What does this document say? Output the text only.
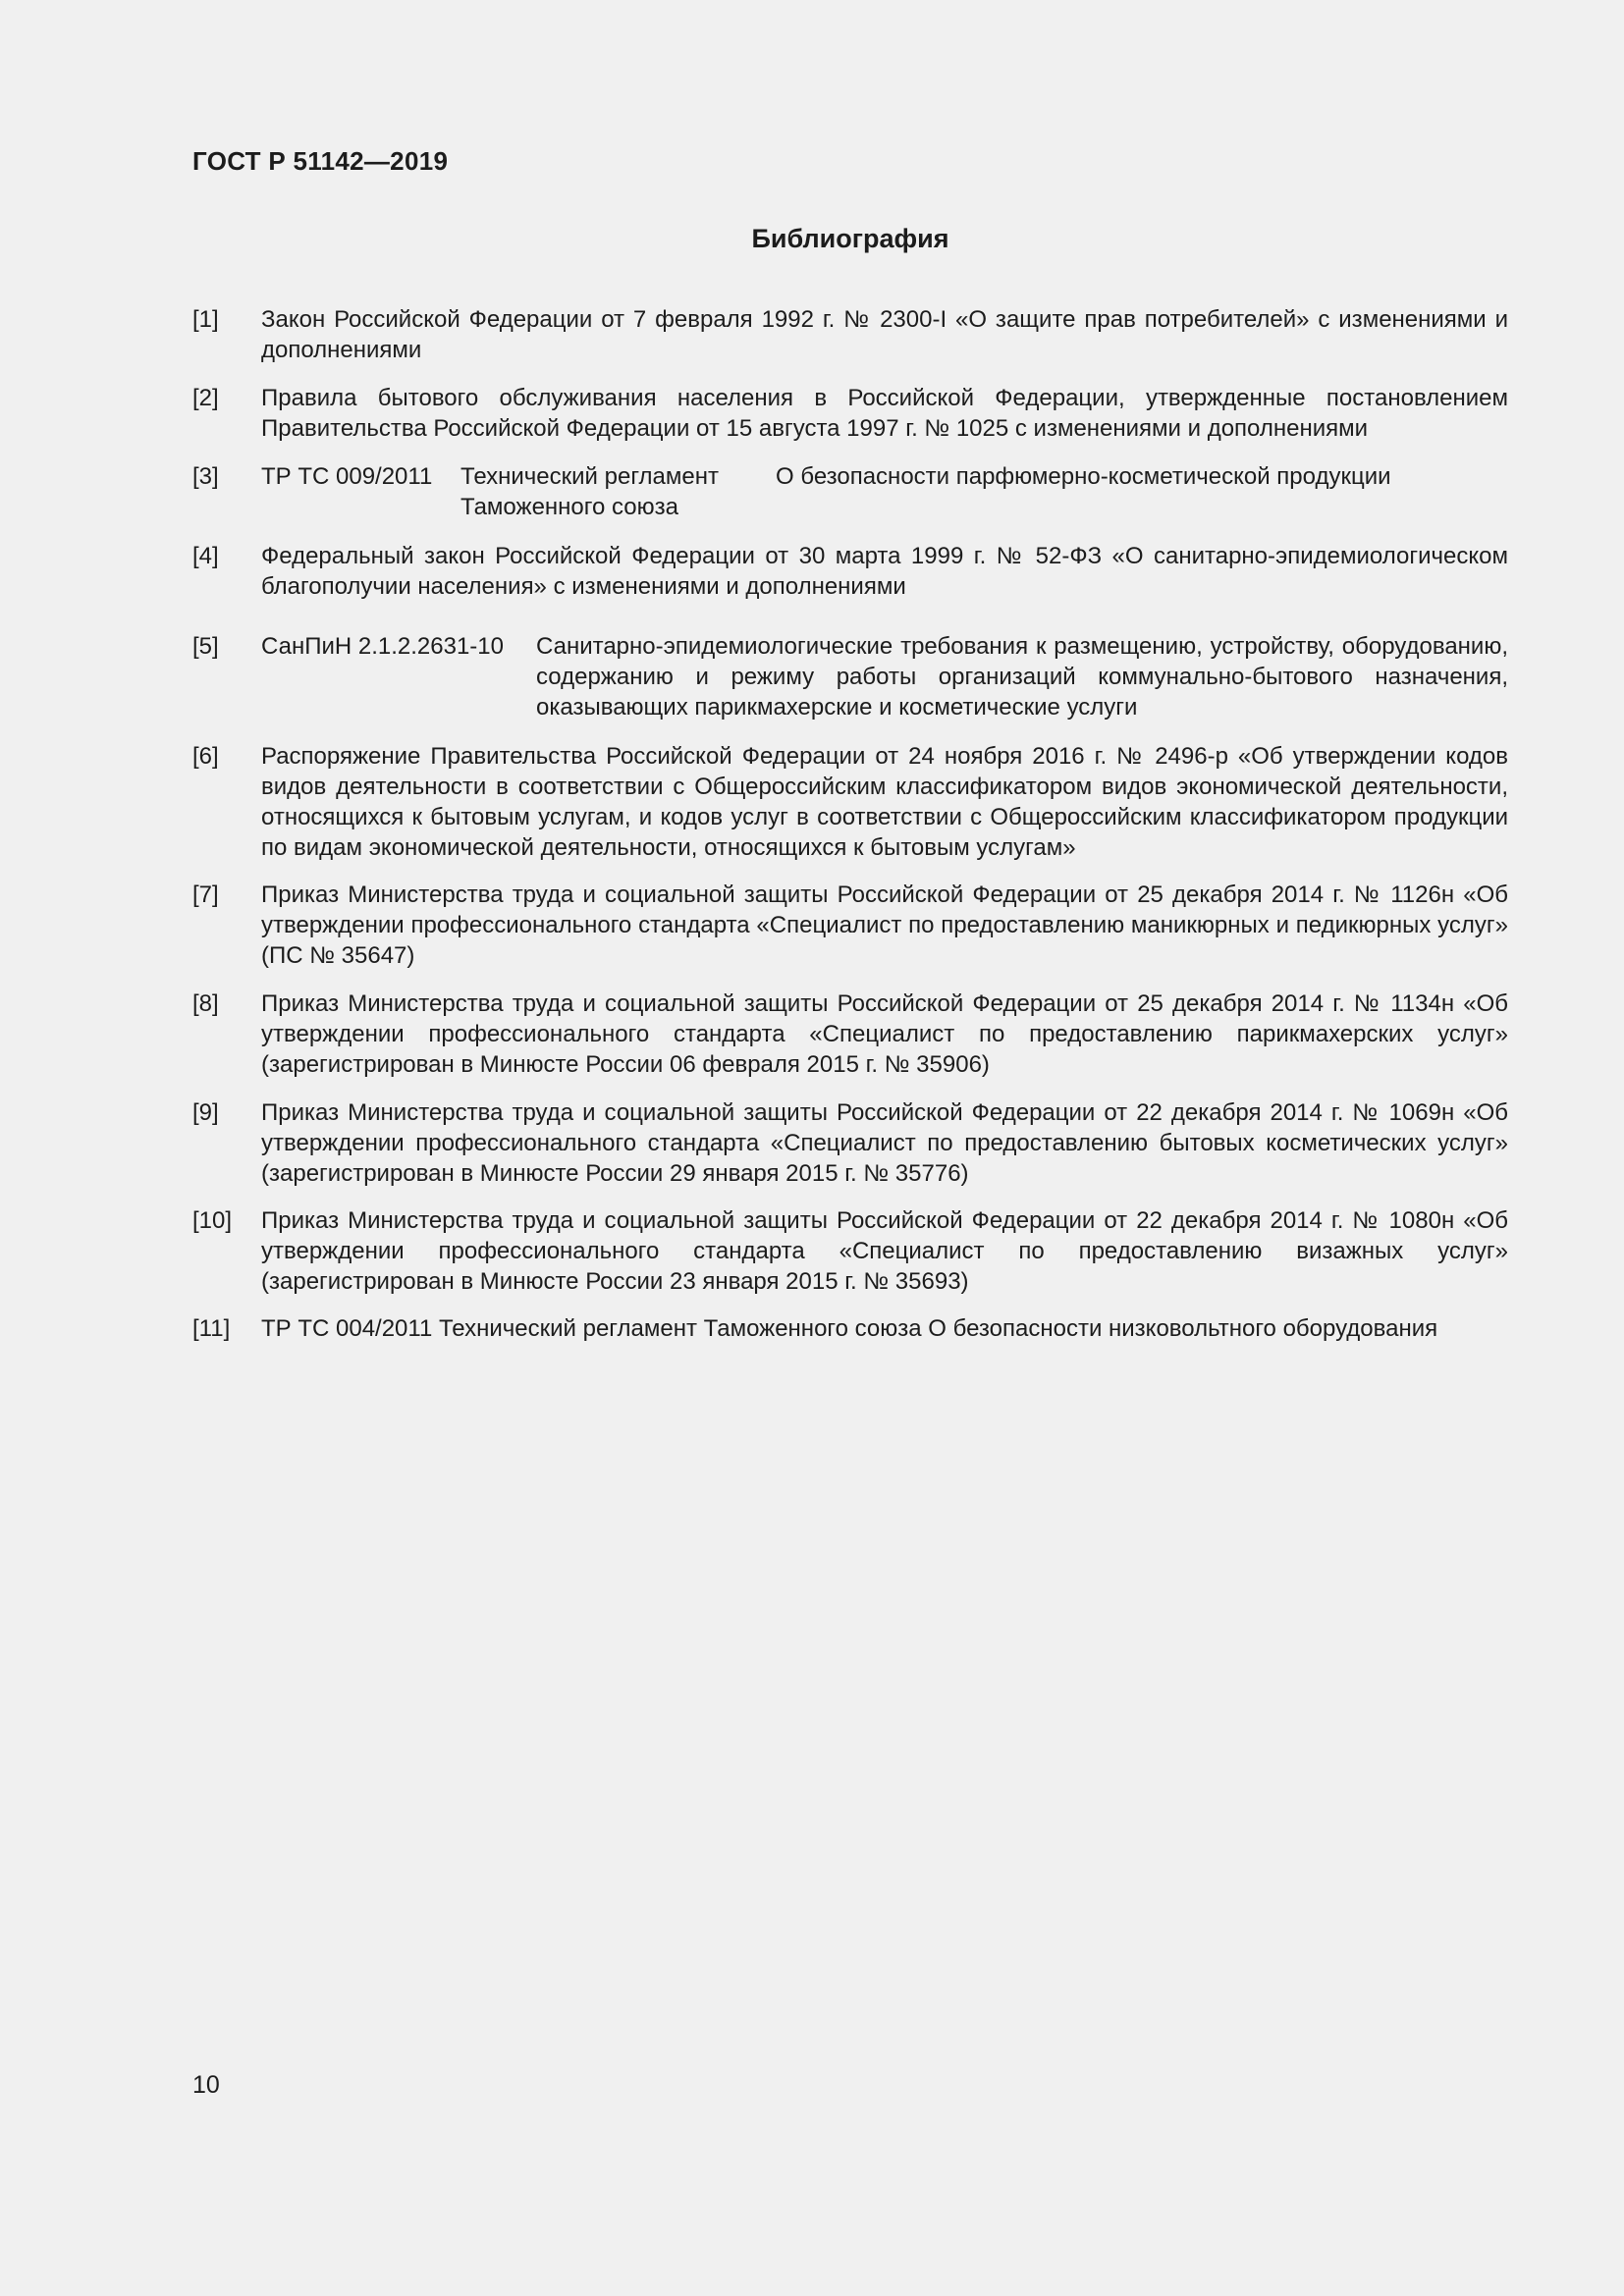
ГОСТ Р 51142—2019
Библиография
[1] Закон Российской Федерации от 7 февраля 1992 г. № 2300-I «О защите прав потребителей» с изменениями и дополнениями
[2] Правила бытового обслуживания населения в Российской Федерации, утвержденные постановлением Правительства Российской Федерации от 15 августа 1997 г. № 1025 с изменениями и дополнениями
[3] ТР ТС 009/2011	Технический регламент Таможенного союза
О безопасности парфюмерно-косметической продукции
[4] Федеральный закон Российской Федерации от 30 марта 1999 г. № 52-ФЗ «О санитарно-эпидемиологическом благополучии населения» с изменениями и дополнениями
[5] СанПиН 2.1.2.2631-10	Санитарно-эпидемиологические требования к размещению, устройству, оборудованию, содержанию и режиму работы организаций коммунально-бытового назначения, оказывающих парикмахерские и косметические услуги
[6] Распоряжение Правительства Российской Федерации от 24 ноября 2016 г. № 2496-р «Об утверждении кодов видов деятельности в соответствии с Общероссийским классификатором видов экономической деятельности, относящихся к бытовым услугам, и кодов услуг в соответствии с Общероссийским классификатором продукции по видам экономической деятельности, относящихся к бытовым услугам»
[7] Приказ Министерства труда и социальной защиты Российской Федерации от 25 декабря 2014 г. № 1126н «Об утверждении профессионального стандарта «Специалист по предоставлению маникюрных и педикюрных услуг» (ПС № 35647)
[8] Приказ Министерства труда и социальной защиты Российской Федерации от 25 декабря 2014 г. № 1134н «Об утверждении профессионального стандарта «Специалист по предоставлению парикмахерских услуг» (зарегистрирован в Минюсте России 06 февраля 2015 г. № 35906)
[9] Приказ Министерства труда и социальной защиты Российской Федерации от 22 декабря 2014 г. № 1069н «Об утверждении профессионального стандарта «Специалист по предоставлению бытовых косметических услуг» (зарегистрирован в Минюсте России 29 января 2015 г. № 35776)
[10] Приказ Министерства труда и социальной защиты Российской Федерации от 22 декабря 2014 г. № 1080н «Об утверждении профессионального стандарта «Специалист по предоставлению визажных услуг» (зарегистрирован в Минюсте России 23 января 2015 г. № 35693)
[11] ТР ТС 004/2011 Технический регламент Таможенного союза О безопасности низковольтного оборудования
10
